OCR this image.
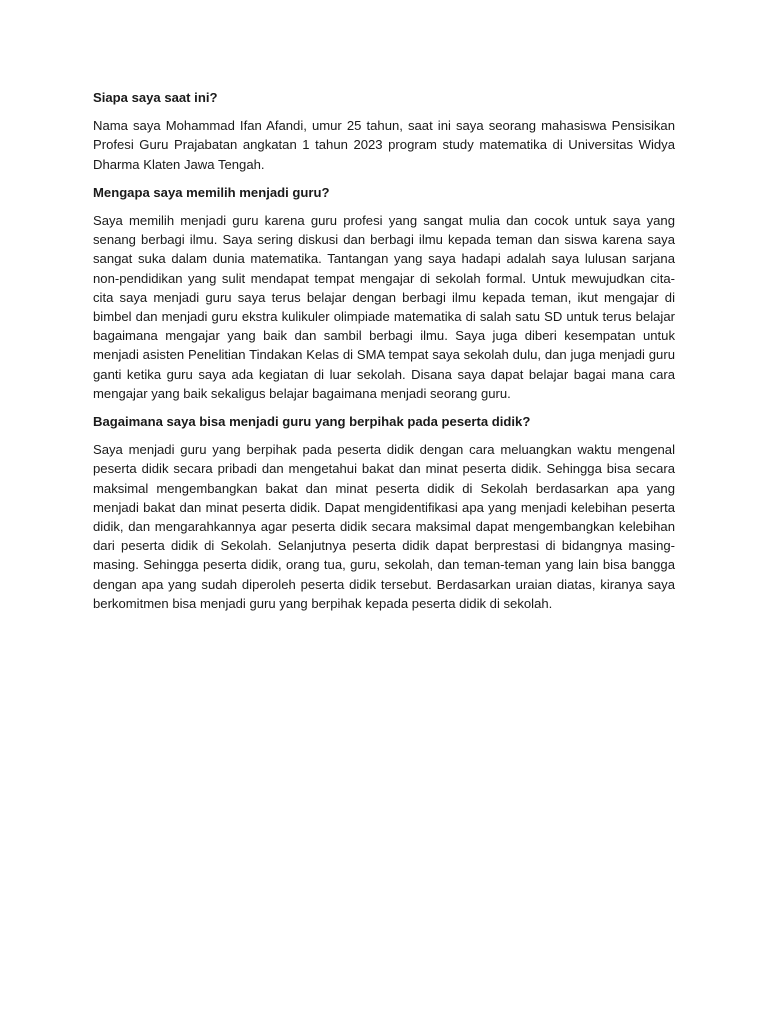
Siapa saya saat ini?

Nama saya Mohammad Ifan Afandi, umur 25 tahun, saat ini saya seorang mahasiswa Pensisikan Profesi Guru Prajabatan angkatan 1 tahun 2023 program study matematika di Universitas Widya Dharma Klaten Jawa Tengah.

Mengapa saya memilih menjadi guru?

Saya memilih menjadi guru karena guru profesi yang sangat mulia dan cocok untuk saya yang senang berbagi ilmu. Saya sering diskusi dan berbagi ilmu kepada teman dan siswa karena saya sangat suka dalam dunia matematika. Tantangan yang saya hadapi adalah saya lulusan sarjana non-pendidikan yang sulit mendapat tempat mengajar di sekolah formal. Untuk mewujudkan cita-cita saya menjadi guru saya terus belajar dengan berbagi ilmu kepada teman, ikut mengajar di bimbel dan menjadi guru ekstra kulikuler olimpiade matematika di salah satu SD untuk terus belajar bagaimana mengajar yang baik dan sambil berbagi ilmu. Saya juga diberi kesempatan untuk menjadi asisten Penelitian Tindakan Kelas di SMA tempat saya sekolah dulu, dan juga menjadi guru ganti ketika guru saya ada kegiatan di luar sekolah. Disana saya dapat belajar bagai mana cara mengajar yang baik sekaligus belajar bagaimana menjadi seorang guru.

Bagaimana saya bisa menjadi guru yang berpihak pada peserta didik?

Saya menjadi guru yang berpihak pada peserta didik dengan cara meluangkan waktu mengenal peserta didik secara pribadi dan mengetahui bakat dan minat peserta didik. Sehingga bisa secara maksimal mengembangkan bakat dan minat peserta didik di Sekolah berdasarkan apa yang menjadi bakat dan minat peserta didik. Dapat mengidentifikasi apa yang menjadi kelebihan peserta didik, dan mengarahkannya agar peserta didik secara maksimal dapat mengembangkan kelebihan dari peserta didik di Sekolah. Selanjutnya peserta didik dapat berprestasi di bidangnya masing-masing. Sehingga peserta didik, orang tua, guru, sekolah, dan teman-teman yang lain bisa bangga dengan apa yang sudah diperoleh peserta didik tersebut. Berdasarkan uraian diatas, kiranya saya berkomitmen bisa menjadi guru yang berpihak kepada peserta didik di sekolah.
